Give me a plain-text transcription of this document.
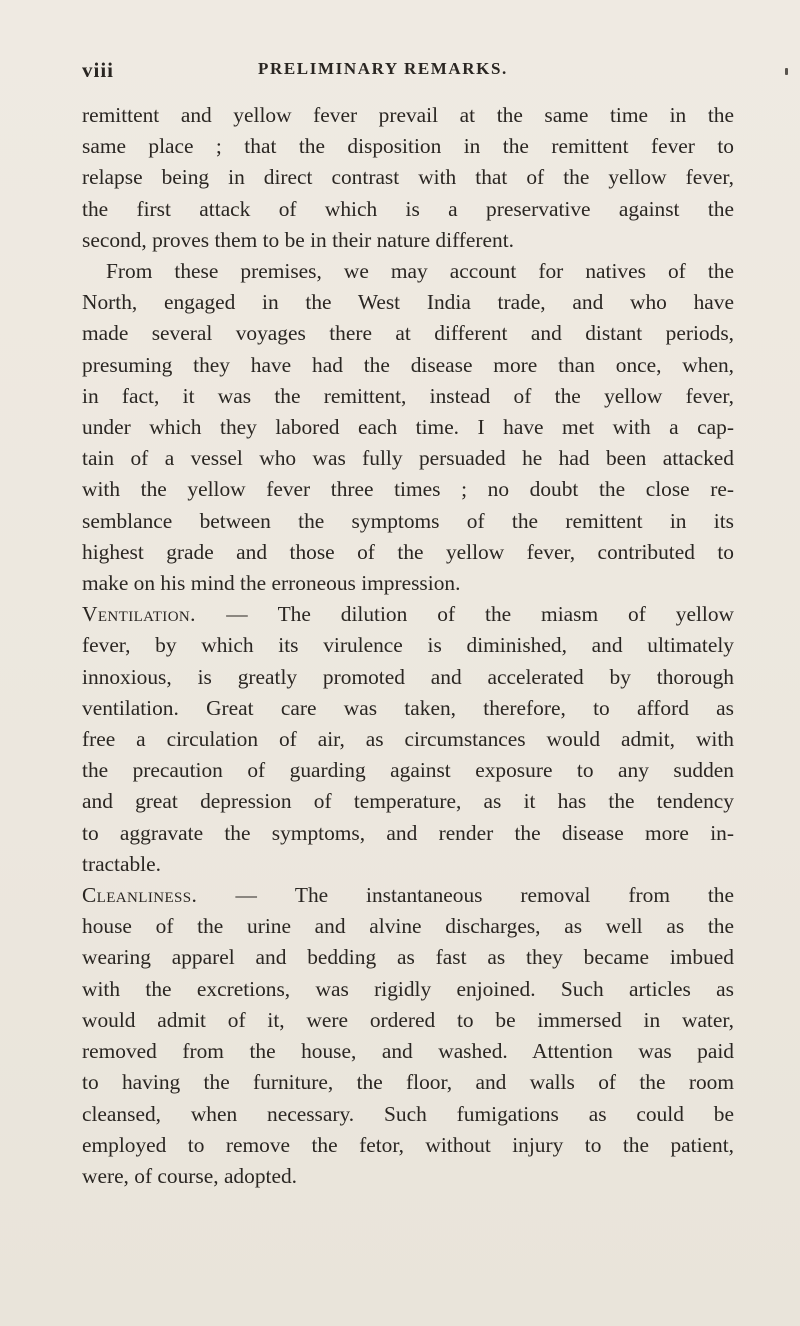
viii	PRELIMINARY REMARKS.
remittent and yellow fever prevail at the same time in the
same place ; that the disposition in the remittent fever to
relapse being in direct contrast with that of the yellow fever,
the first attack of which is a preservative against the
second, proves them to be in their nature different.
From these premises, we may account for natives of the
North, engaged in the West India trade, and who have
made several voyages there at different and distant periods,
presuming they have had the disease more than once, when,
in fact, it was the remittent, instead of the yellow fever,
under which they labored each time. I have met with a cap-
tain of a vessel who was fully persuaded he had been attacked
with the yellow fever three times ; no doubt the close re-
semblance between the symptoms of the remittent in its
highest grade and those of the yellow fever, contributed to
make on his mind the erroneous impression.
Ventilation. — The dilution of the miasm of yellow
fever, by which its virulence is diminished, and ultimately
innoxious, is greatly promoted and accelerated by thorough
ventilation. Great care was taken, therefore, to afford as
free a circulation of air, as circumstances would admit, with
the precaution of guarding against exposure to any sudden
and great depression of temperature, as it has the tendency
to aggravate the symptoms, and render the disease more in-
tractable.
Cleanliness. — The instantaneous removal from the
house of the urine and alvine discharges, as well as the
wearing apparel and bedding as fast as they became imbued
with the excretions, was rigidly enjoined. Such articles as
would admit of it, were ordered to be immersed in water,
removed from the house, and washed. Attention was paid
to having the furniture, the floor, and walls of the room
cleansed, when necessary. Such fumigations as could be
employed to remove the fetor, without injury to the patient,
were, of course, adopted.
